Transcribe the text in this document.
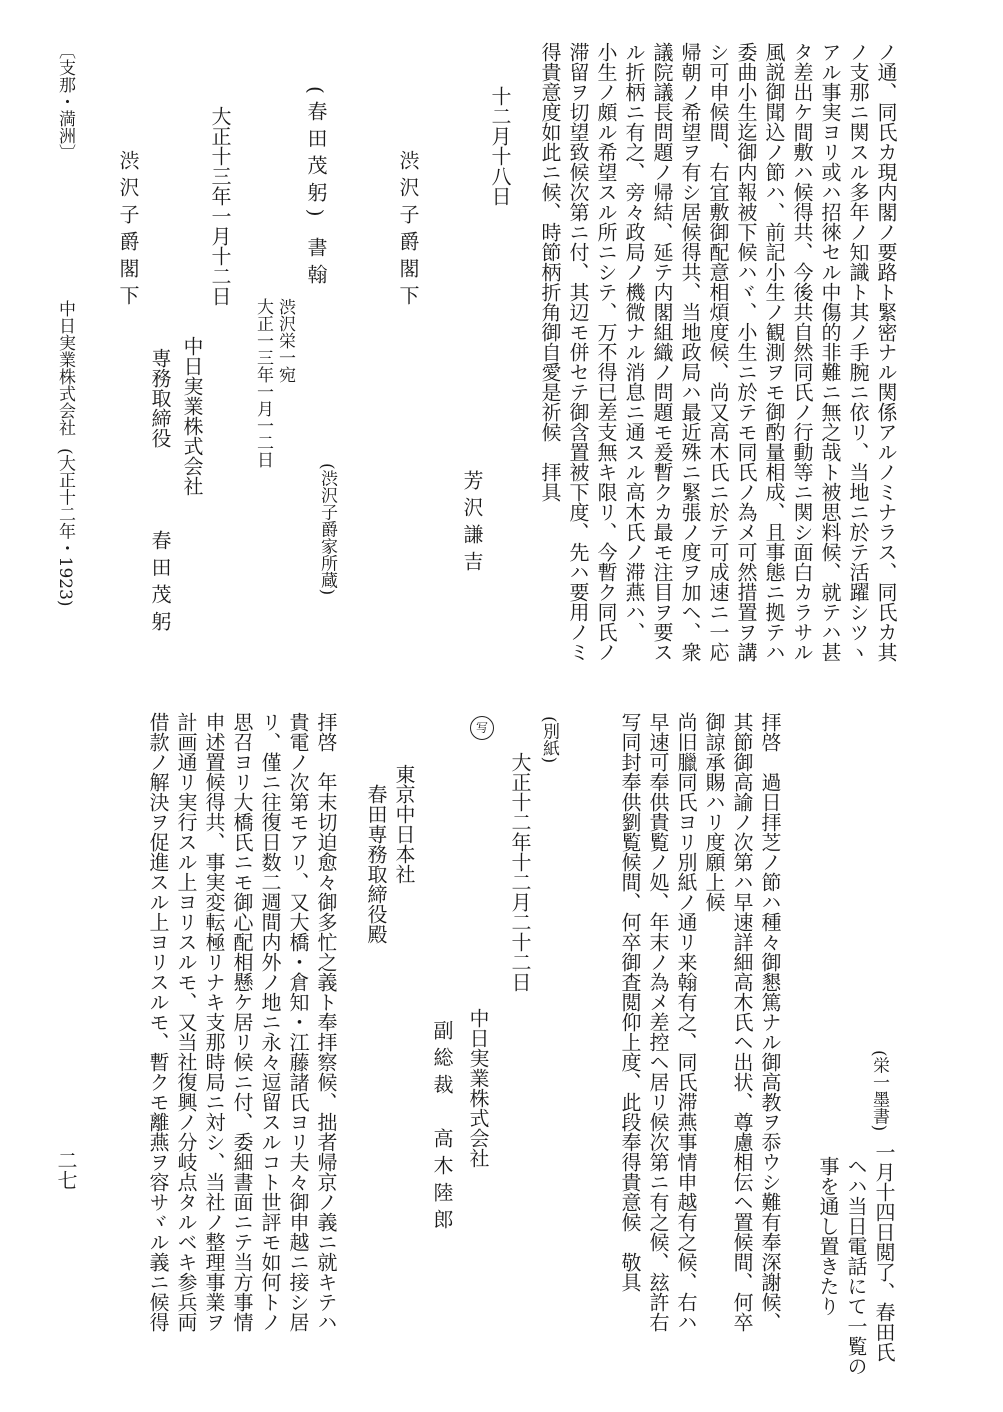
ノ通、同氏カ現内閣ノ要路ト緊密ナル関係アルノミナラス、同氏カ其
ノ支那ニ関スル多年ノ知識ト其ノ手腕ニ依リ、当地ニ於テ活躍シツヽ
アル事実ヨリ或ハ招徠セル中傷的非難ニ無之哉ト被思料候、就テハ甚
タ差出ケ間敷ハ候得共、今後共自然同氏ノ行動等ニ関シ面白カラサル
風説御聞込ノ節ハ、前記小生ノ観測ヲモ御酌量相成、且事態ニ拠テハ
委曲小生迄御内報被下候ハヾ、小生ニ於テモ同氏ノ為メ可然措置ヲ講
シ可申候間、右宜敷御配意相煩度候、尚又高木氏ニ於テ可成速ニ一応
帰朝ノ希望ヲ有シ居候得共、当地政局ハ最近殊ニ緊張ノ度ヲ加ヘ、衆
議院議長問題ノ帰結、延テ内閣組織ノ問題モ爰暫クカ最モ注目ヲ要ス
ル折柄ニ有之、旁々政局ノ機微ナル消息ニ通スル高木氏ノ滞燕ハ、
小生ノ頗ル希望スル所ニシテ、万不得已差支無キ限リ、今暫ク同氏ノ
滞留ヲ切望致候次第ニ付、其辺モ併セテ御含置被下度、先ハ要用ノミ
得貴意度如此ニ候、時節柄折角御自愛是祈候　拝具
十二月十八日
芳沢謙吉
渋沢子爵閣下
(渋沢子爵家所蔵)
(春田茂躬) 書翰
渋沢栄一宛
大正一三年一月一二日
大正十三年一月十二日
中日実業株式会社
専務取締役
春田茂躬
渋沢子爵閣下
〔支那・満洲〕
中日実業株式会社
(大正十二年・1923)
(栄一墨書)
一月十四日閲了、春田氏
ヘハ当日電話にて一覧の
事を通し置きたり
拝啓　過日拝芝ノ節ハ種々御懇篤ナル御高教ヲ忝ウシ難有奉深謝候、
其節御高諭ノ次第ハ早速詳細高木氏ヘ出状、尊慮相伝ヘ置候間、何卒
御諒承賜ハリ度願上候
尚旧臘同氏ヨリ別紙ノ通リ来翰有之、同氏滞燕事情申越有之候、右ハ
早速可奉供貴覧ノ処、年末ノ為メ差控ヘ居リ候次第ニ有之候、玆許右
写同封奉供劉覧候間、何卒御査閲仰上度、此段奉得貴意候　敬具
(別紙)
大正十二年十二月二十二日
写
中日実業株式会社
副総裁　高木陸郎
東京中日本社
春田専務取締役殿
拝啓　年末切迫愈々御多忙之義ト奉拝察候、拙者帰京ノ義ニ就キテハ
貴電ノ次第モアリ、又大橋・倉知・江藤諸氏ヨリ夫々御申越ニ接シ居
リ、僅ニ往復日数二週間内外ノ地ニ永々逗留スルコト世評モ如何トノ
思召ヨリ大橋氏ニモ御心配相懸ケ居リ候ニ付、委細書面ニテ当方事情
申述置候得共、事実変転極リナキ支那時局ニ対シ、当社ノ整理事業ヲ
計画通リ実行スル上ヨリスルモ、又当社復興ノ分岐点タルベキ参兵両
借款ノ解決ヲ促進スル上ヨリスルモ、暫クモ離燕ヲ容サヾル義ニ候得
二七
